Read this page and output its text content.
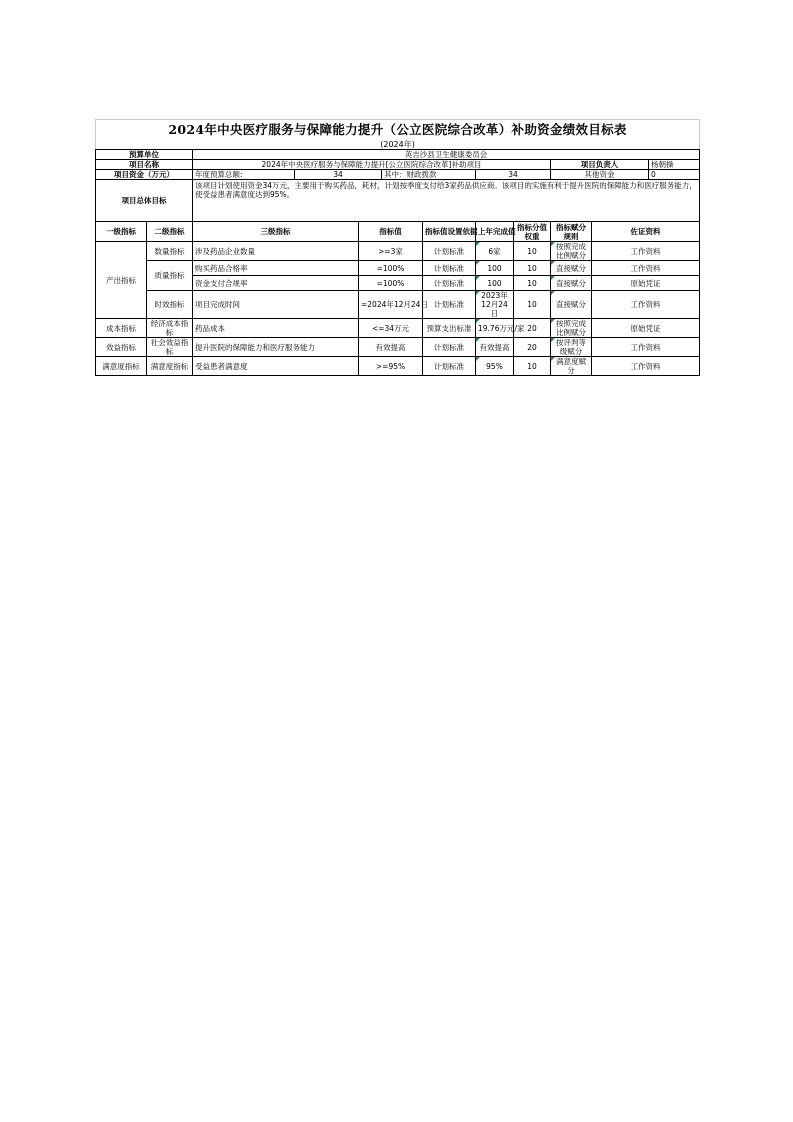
2024年中央医疗服务与保障能力提升（公立医院综合改革）补助资金绩效目标表											
(2024年)											
预算单位		英吉沙县卫生健康委员会									
项目名称		2024年中央医疗服务与保障能力提升[公立医院综合改革]补助项目							项目负责人		杨朝操
项目资金（万元）		年度预算总额:	34		其中：财政拨款		34		其他资金		0
项目总体目标		该项目计划使用资金34万元，主要用于购买药品，耗材，计划按季度支付给3家药品供应商。该项目的实施有利于提升医院的保障能力和医疗服务能力，使受益患者满意度达到95%。									
一级指标	二级指标	三级指标		指标值		指标值设置依据	上年完成值	指标分值权重	指标赋分规则	佐证资料	
产出指标	数量指标	涉及药品企业数量		>=3家		计划标准	6家	10	按照完成比例赋分	工作资料	
	质量指标	购买药品合格率		=100%		计划标准	100	10	直接赋分	工作资料	
		资金支付合规率		=100%		计划标准	100	10	直接赋分	原始凭证	
	时效指标	项目完成时间		=2024年12月24日		计划标准	2023年12月24日	10	直接赋分	工作资料	
成本指标	经济成本指标	药品成本		<=34万元		预算支出标准	19.76万元/家	20	按照完成比例赋分	原始凭证	
效益指标	社会效益指标	提升医院的保障能力和医疗服务能力		有效提高		计划标准	有效提高	20	按评判等级赋分	工作资料	
满意度指标	满意度指标	受益患者满意度		>=95%		计划标准	95%	10	满意度赋分	工作资料	
